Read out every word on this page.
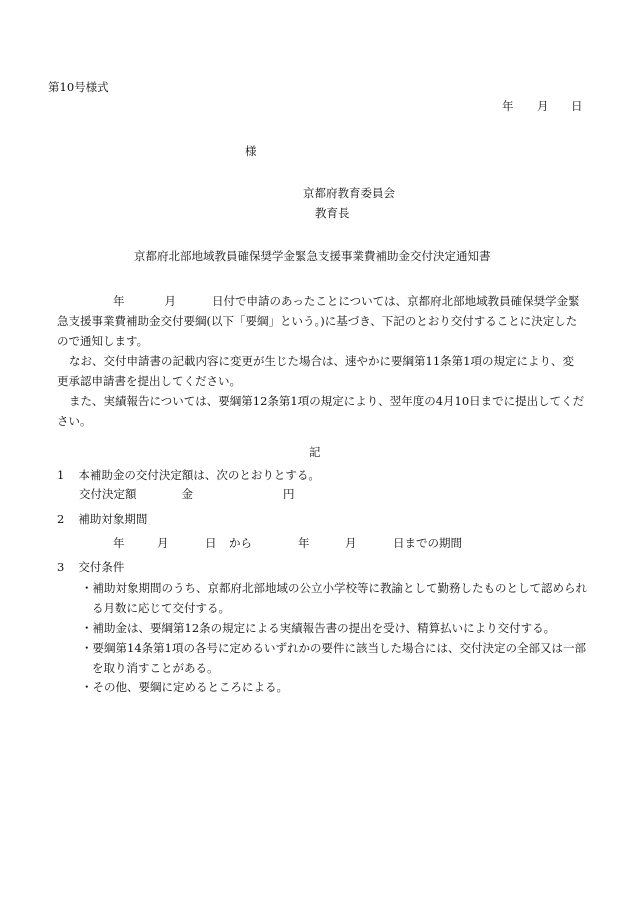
第10号様式
年 月 日
様
京都府教育委員会
教育長
京都府北部地域教員確保奨学金緊急支援事業費補助金交付決定通知書
年	月	日付で申請のあったことについては、京都府北部地域教員確保奨学金緊急支援事業費補助金交付要綱(以下「要綱」という。)に基づき、下記のとおり交付することに決定したので通知します。
なお、交付申請書の記載内容に変更が生じた場合は、速やかに要綱第11条第1項の規定により、変更承認申請書を提出してください。
また、実績報告については、要綱第12条第1項の規定により、翌年度の4月10日までに提出してください。
記
1 本補助金の交付決定額は、次のとおりとする。
交付決定額	金	円
2 補助対象期間
年	月	日 から	年	月	日までの期間
3 交付条件
・補助対象期間のうち、京都府北部地域の公立小学校等に教諭として勤務したものとして認められる月数に応じて交付する。
・補助金は、要綱第12条の規定による実績報告書の提出を受け、精算払いにより交付する。
・要綱第14条第1項の各号に定めるいずれかの要件に該当した場合には、交付決定の全部又は一部を取り消すことがある。
・その他、要綱に定めるところによる。
